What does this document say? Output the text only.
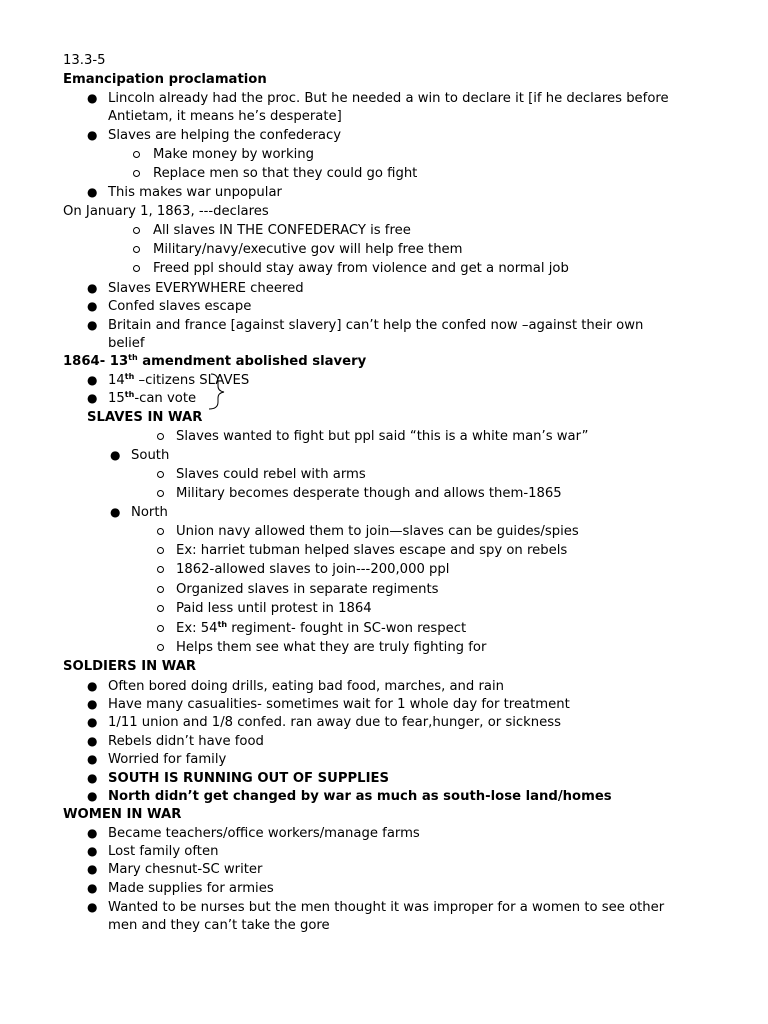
13.3-5
Emancipation proclamation
● Lincoln already had the proc. But he needed a win to declare it [if he declares before
Antietam, it means he’s desperate]
● Slaves are helping the confederacy
Make money by working
Replace men so that they could go fight
● This makes war unpopular
On January 1, 1863, ---declares
All slaves IN THE CONFEDERACY is free
Military/navy/executive gov will help free them
Freed ppl should stay away from violence and get a normal job
● Slaves EVERYWHERE cheered
● Confed slaves escape
● Britain and france [against slavery] can’t help the confed now –against their own
belief
1864- 13th amendment abolished slavery
● 14th –citizens SLAVES
● 15th-can vote
SLAVES IN WAR
Slaves wanted to fight but ppl said “this is a white man’s war”
● South
Slaves could rebel with arms
Military becomes desperate though and allows them-1865
● North
Union navy allowed them to join—slaves can be guides/spies
Ex: harriet tubman helped slaves escape and spy on rebels
1862-allowed slaves to join---200,000 ppl
Organized slaves in separate regiments
Paid less until protest in 1864
Ex: 54th regiment- fought in SC-won respect
Helps them see what they are truly fighting for
SOLDIERS IN WAR
● Often bored doing drills, eating bad food, marches, and rain
● Have many casualities- sometimes wait for 1 whole day for treatment
● 1/11 union and 1/8 confed. ran away due to fear,hunger, or sickness
● Rebels didn’t have food
● Worried for family
● SOUTH IS RUNNING OUT OF SUPPLIES
● North didn’t get changed by war as much as south-lose land/homes
WOMEN IN WAR
● Became teachers/office workers/manage farms
● Lost family often
● Mary chesnut-SC writer
● Made supplies for armies
● Wanted to be nurses but the men thought it was improper for a women to see other
men and they can’t take the gore
